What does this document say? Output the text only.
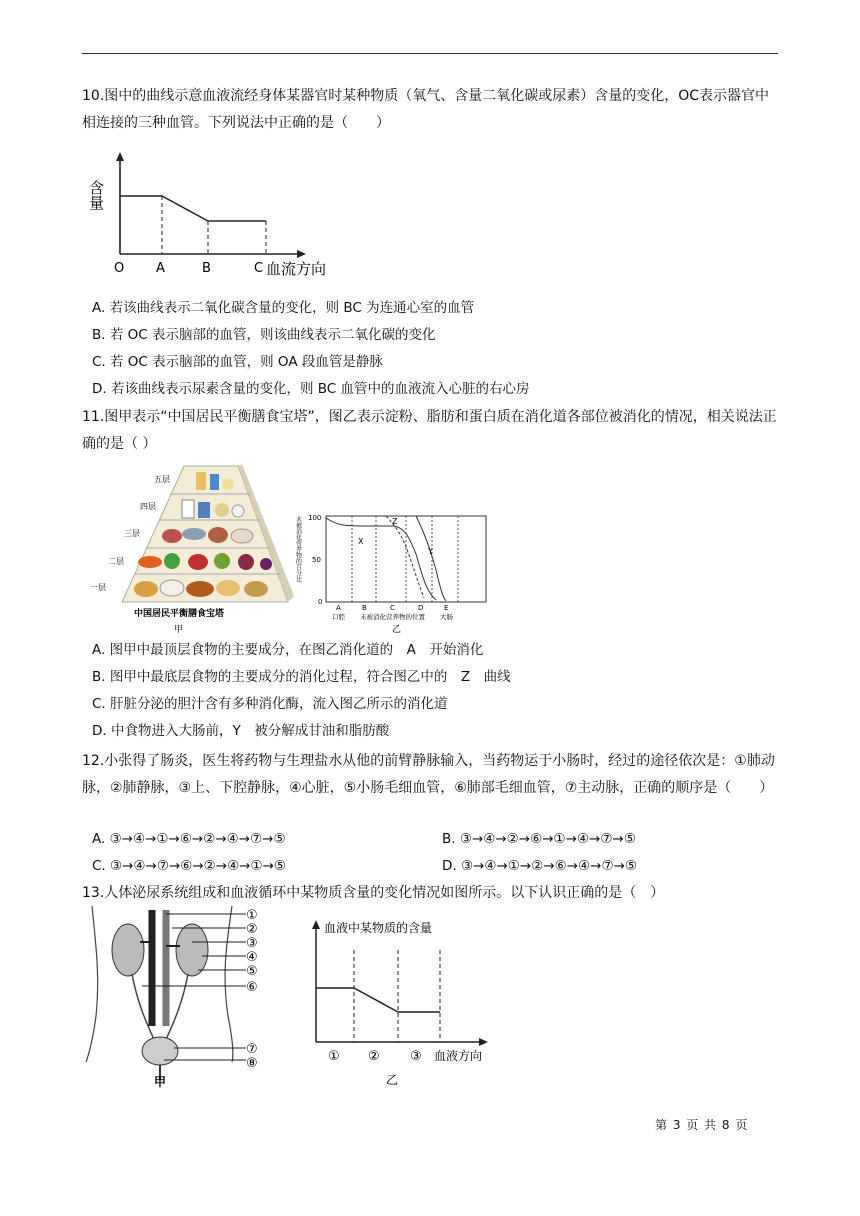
10.图中的曲线示意血液流经身体某器官时某种物质（氧气、含量二氧化碳或尿素）含量的变化，OC表示器官中相连接的三种血管。下列说法中正确的是（　　）
含量
O A	B	C 血流方向
A. 若该曲线表示二氧化碳含量的变化，则 BC 为连通心室的血管
B. 若 OC 表示脑部的血管，则该曲线表示二氧化碳的变化
C. 若 OC 表示脑部的血管，则 OA 段血管是静脉
D. 若该曲线表示尿素含量的变化，则 BC 血管中的血液流入心脏的右心房
11.图甲表示“中国居民平衡膳食宝塔”，图乙表示淀粉、脂肪和蛋白质在消化道各部位被消化的情况，相关说法正确的是（ ）
五层
四层
三层
二层
一层
中国居民平衡膳食宝塔
甲
X
Z
Y
100
50
0
未被消化营养物的百分比
A	B	C	D	E
口腔 未被消化营养物的位置 大肠
乙
A. 图甲中最顶层食物的主要成分，在图乙消化道的　A　开始消化
B. 图甲中最底层食物的主要成分的消化过程，符合图乙中的　Z　曲线
C. 肝脏分泌的胆汁含有多种消化酶，流入图乙所示的消化道
D. 中食物进入大肠前，Y　被分解成甘油和脂肪酸
12.小张得了肠炎，医生将药物与生理盐水从他的前臂静脉输入，当药物运于小肠时，经过的途径依次是：①肺动脉，②肺静脉，③上、下腔静脉，④心脏，⑤小肠毛细血管，⑥肺部毛细血管，⑦主动脉，正确的顺序是（　　）
A. ③→④→①→⑥→②→④→⑦→⑤	B. ③→④→②→⑥→①→④→⑦→⑤
C. ③→④→⑦→⑥→②→④→①→⑤	D. ③→④→①→②→⑥→④→⑦→⑤
13.人体泌尿系统组成和血液循环中某物质含量的变化情况如图所示。以下认识正确的是（　）
①
②
③
④
⑤
⑥
⑦
⑧
甲
血液中某物质的含量
① ② ③ 血液方向
乙
第 3 页 共 8 页
